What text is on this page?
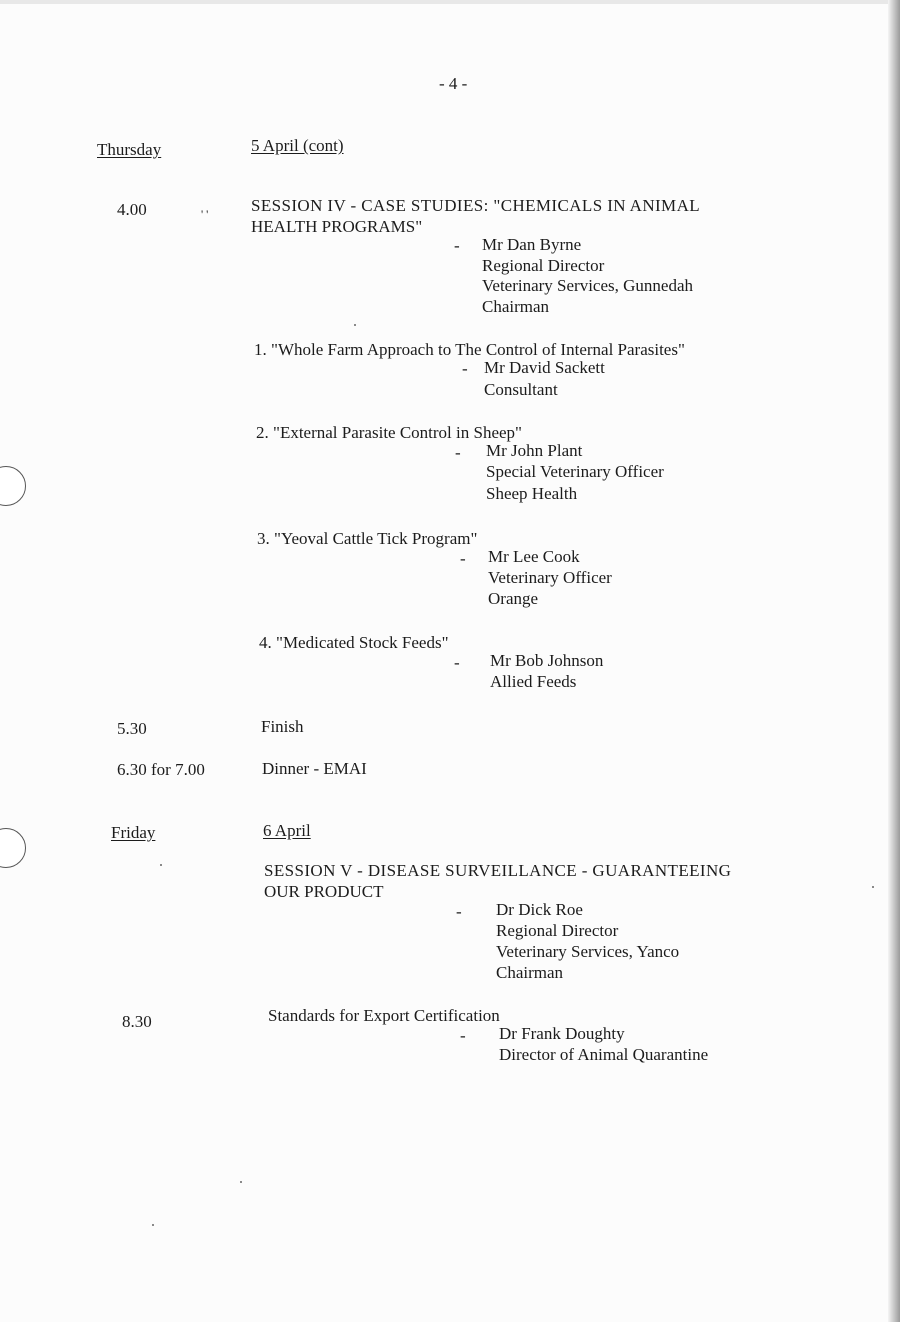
- 4 -
Thursday	5 April (cont)
4.00	' '	SESSION IV - CASE STUDIES: "CHEMICALS IN ANIMAL
HEALTH PROGRAMS"
- Mr Dan Byrne
Regional Director
Veterinary Services, Gunnedah
Chairman
1. "Whole Farm Approach to The Control of Internal Parasites"
- Mr David Sackett
Consultant
2. "External Parasite Control in Sheep"
- Mr John Plant
Special Veterinary Officer
Sheep Health
3. "Yeoval Cattle Tick Program"
- Mr Lee Cook
Veterinary Officer
Orange
4. "Medicated Stock Feeds"
- Mr Bob Johnson
Allied Feeds
5.30	Finish
6.30 for 7.00	Dinner - EMAI
Friday	6 April
SESSION V - DISEASE SURVEILLANCE - GUARANTEEING
OUR PRODUCT
- Dr Dick Roe
Regional Director
Veterinary Services, Yanco
Chairman
8.30	Standards for Export Certification
- Dr Frank Doughty
Director of Animal Quarantine
